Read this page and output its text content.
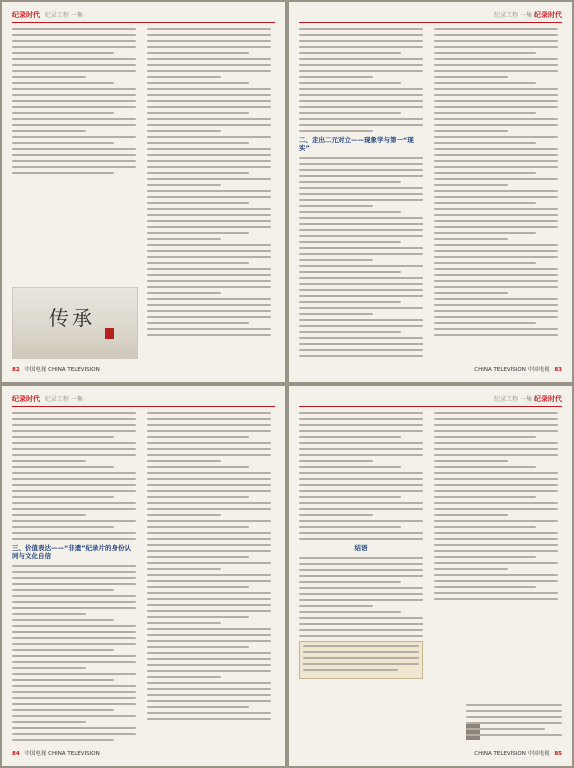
纪录时代 纪录工程 一集
传承
82 中国电视 CHINA TELEVISION
纪录工程 一集 纪录时代
二、走出二元对立——现象学与第一“现实”
CHINA TELEVISION 中国电视 83
纪录时代 纪录工程 一集
三、价值表达——“非遗”纪录片的身份认同与文化自信
84 中国电视 CHINA TELEVISION
纪录工程 一集 纪录时代
结语
CHINA TELEVISION 中国电视 85
